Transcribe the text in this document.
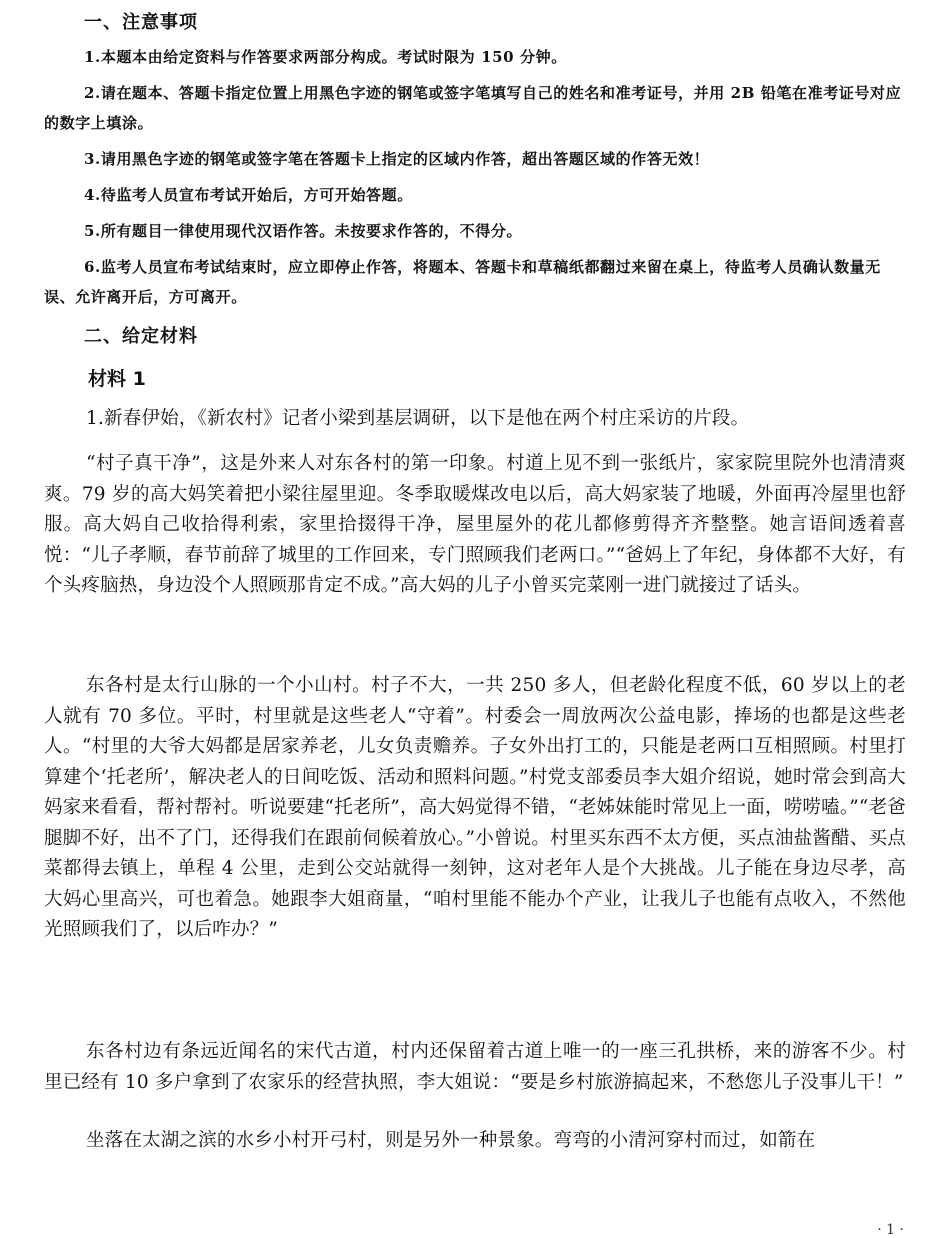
一、注意事项
1.本题本由给定资料与作答要求两部分构成。考试时限为 150 分钟。
2.请在题本、答题卡指定位置上用黑色字迹的钢笔或签字笔填写自己的姓名和准考证号，并用 2B 铅笔在准考证号对应的数字上填涂。
3.请用黑色字迹的钢笔或签字笔在答题卡上指定的区域内作答，超出答题区域的作答无效！
4.待监考人员宣布考试开始后，方可开始答题。
5.所有题目一律使用现代汉语作答。未按要求作答的，不得分。
6.监考人员宣布考试结束时，应立即停止作答，将题本、答题卡和草稿纸都翻过来留在桌上，待监考人员确认数量无误、允许离开后，方可离开。
二、给定材料
材料 1
1.新春伊始，《新农村》记者小梁到基层调研，以下是他在两个村庄采访的片段。
“村子真干净”，这是外来人对东各村的第一印象。村道上见不到一张纸片，家家院里院外也清清爽爽。79 岁的高大妈笑着把小梁往屋里迎。冬季取暖煤改电以后，高大妈家装了地暖，外面再冷屋里也舒服。高大妈自己收拾得利索，家里拾掇得干净，屋里屋外的花儿都修剪得齐齐整整。她言语间透着喜悦：“儿子孝顺，春节前辞了城里的工作回来，专门照顾我们老两口。”“爸妈上了年纪，身体都不大好，有个头疼脑热，身边没个人照顾那肯定不成。”高大妈的儿子小曾买完菜刚一进门就接过了话头。
东各村是太行山脉的一个小山村。村子不大，一共 250 多人，但老龄化程度不低，60 岁以上的老人就有 70 多位。平时，村里就是这些老人“守着”。村委会一周放两次公益电影，捧场的也都是这些老人。“村里的大爷大妈都是居家养老，儿女负责赡养。子女外出打工的，只能是老两口互相照顾。村里打算建个‘托老所’，解决老人的日间吃饭、活动和照料问题。”村党支部委员李大姐介绍说，她时常会到高大妈家来看看，帮衬帮衬。听说要建“托老所”，高大妈觉得不错，“老姊妹能时常见上一面，唠唠嗑。”“老爸腿脚不好，出不了门，还得我们在跟前伺候着放心。”小曾说。村里买东西不太方便，买点油盐酱醋、买点菜都得去镇上，单程 4 公里，走到公交站就得一刻钟，这对老年人是个大挑战。儿子能在身边尽孝，高大妈心里高兴，可也着急。她跟李大姐商量，“咱村里能不能办个产业，让我儿子也能有点收入，不然他光照顾我们了，以后咋办？”
东各村边有条远近闻名的宋代古道，村内还保留着古道上唯一的一座三孔拱桥，来的游客不少。村里已经有 10 多户拿到了农家乐的经营执照，李大姐说：“要是乡村旅游搞起来，不愁您儿子没事儿干！”
坐落在太湖之滨的水乡小村开弓村，则是另外一种景象。弯弯的小清河穿村而过，如箭在
· 1 ·
